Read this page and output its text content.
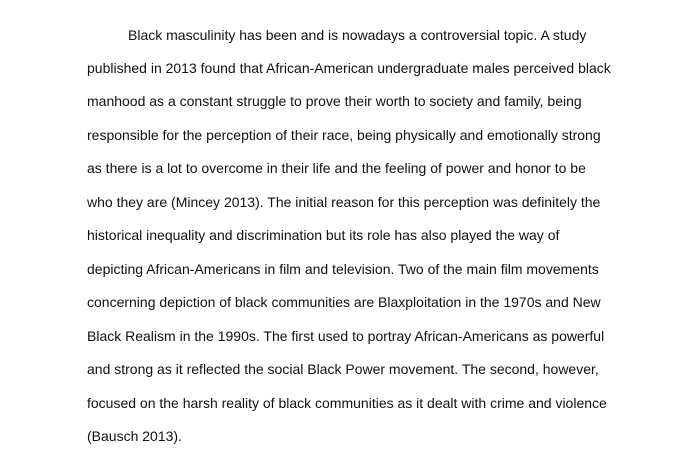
Black masculinity has been and is nowadays a controversial topic. A study

published in 2013 found that African-American undergraduate males perceived black

manhood as a constant struggle to prove their worth to society and family, being

responsible for the perception of their race, being physically and emotionally strong

as there is a lot to overcome in their life and the feeling of power and honor to be

who they are (Mincey 2013). The initial reason for this perception was definitely the

historical inequality and discrimination but its role has also played the way of

depicting African-Americans in film and television. Two of the main film movements

concerning depiction of black communities are Blaxploitation in the 1970s and New

Black Realism in the 1990s. The first used to portray African-Americans as powerful

and strong as it reflected the social Black Power movement. The second, however,

focused on the harsh reality of black communities as it dealt with crime and violence

(Bausch 2013).
